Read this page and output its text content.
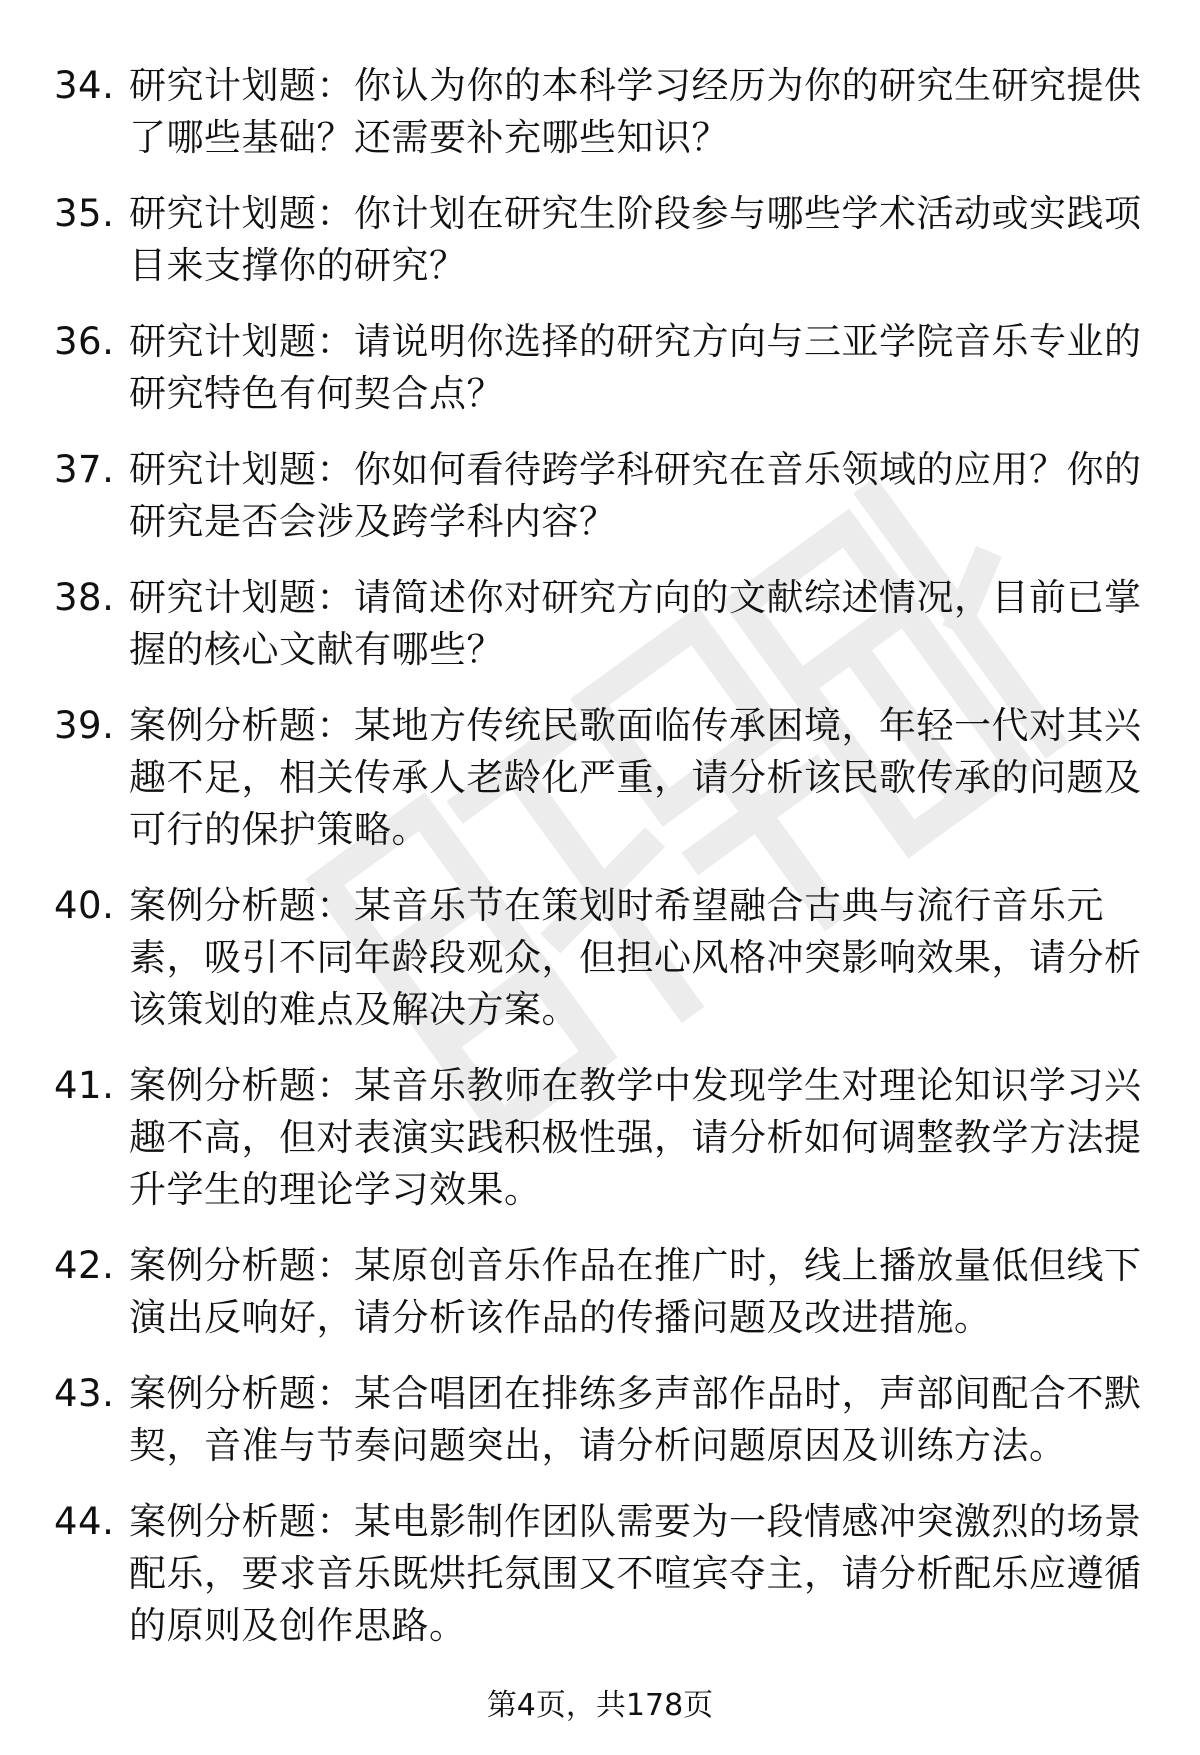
34. 研究计划题：你认为你的本科学习经历为你的研究生研究提供了哪些基础？还需要补充哪些知识？
35. 研究计划题：你计划在研究生阶段参与哪些学术活动或实践项目来支撑你的研究？
36. 研究计划题：请说明你选择的研究方向与三亚学院音乐专业的研究特色有何契合点？
37. 研究计划题：你如何看待跨学科研究在音乐领域的应用？你的研究是否会涉及跨学科内容？
38. 研究计划题：请简述你对研究方向的文献综述情况，目前已掌握的核心文献有哪些？
39. 案例分析题：某地方传统民歌面临传承困境，年轻一代对其兴趣不足，相关传承人老龄化严重，请分析该民歌传承的问题及可行的保护策略。
40. 案例分析题：某音乐节在策划时希望融合古典与流行音乐元素，吸引不同年龄段观众，但担心风格冲突影响效果，请分析该策划的难点及解决方案。
41. 案例分析题：某音乐教师在教学中发现学生对理论知识学习兴趣不高，但对表演实践积极性强，请分析如何调整教学方法提升学生的理论学习效果。
42. 案例分析题：某原创音乐作品在推广时，线上播放量低但线下演出反响好，请分析该作品的传播问题及改进措施。
43. 案例分析题：某合唱团在排练多声部作品时，声部间配合不默契，音准与节奏问题突出，请分析问题原因及训练方法。
44. 案例分析题：某电影制作团队需要为一段情感冲突激烈的场景配乐，要求音乐既烘托氛围又不喧宾夺主，请分析配乐应遵循的原则及创作思路。
第4页，共178页
